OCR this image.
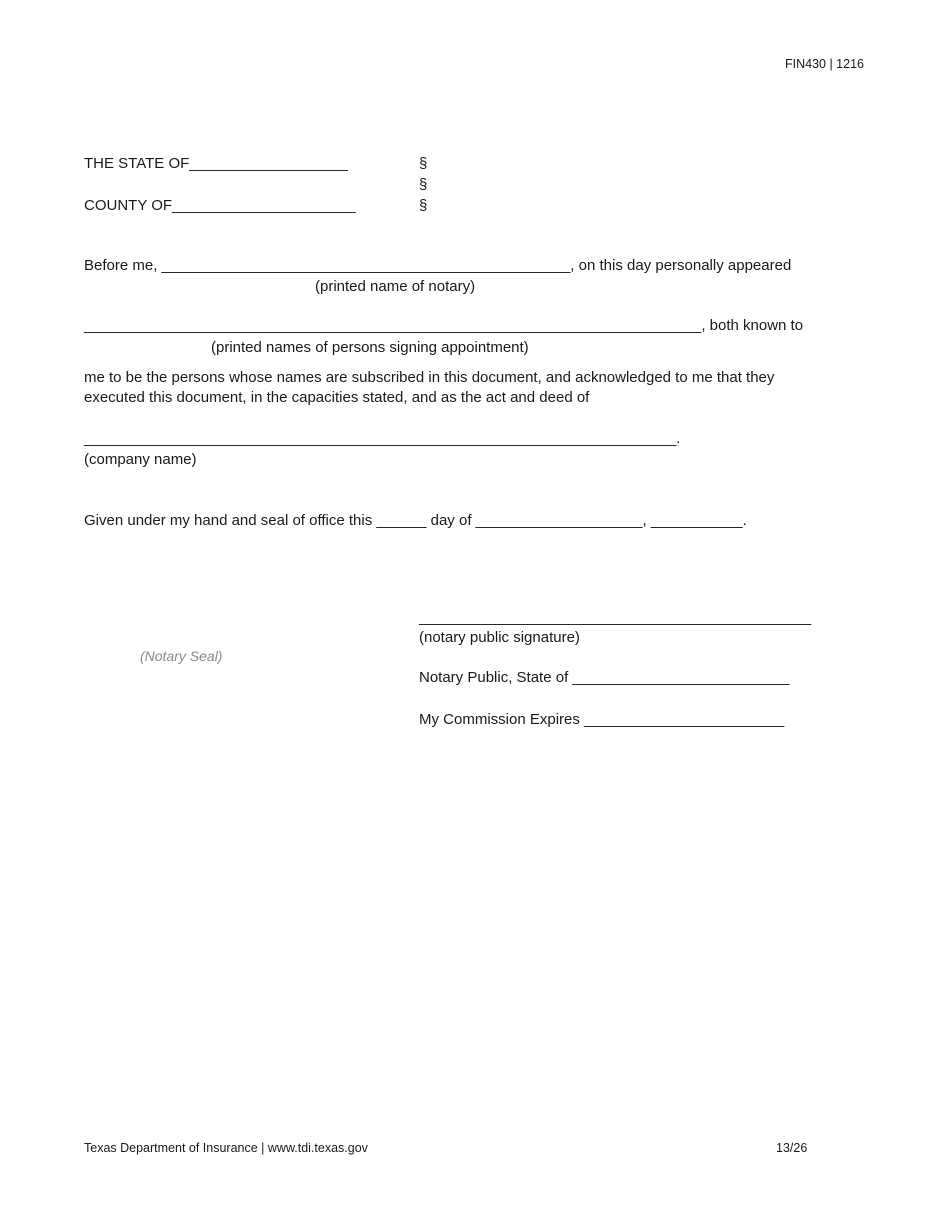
FIN430 | 1216
THE STATE OF___________________
COUNTY OF______________________
§
§
§
Before me, _________________________________________________, on this day personally appeared
(printed name of notary)
__________________________________________________________________________, both known to
(printed names of persons signing appointment)
me to be the persons whose names are subscribed in this document, and acknowledged to me that they
executed this document, in the capacities stated, and as the act and deed of
_______________________________________________________________________.
(company name)
Given under my hand and seal of office this ______ day of ____________________, ___________.
_______________________________________________
(notary public signature)
(Notary Seal)
Notary Public, State of __________________________
My Commission Expires ________________________
Texas Department of Insurance | www.tdi.texas.gov	13/26
